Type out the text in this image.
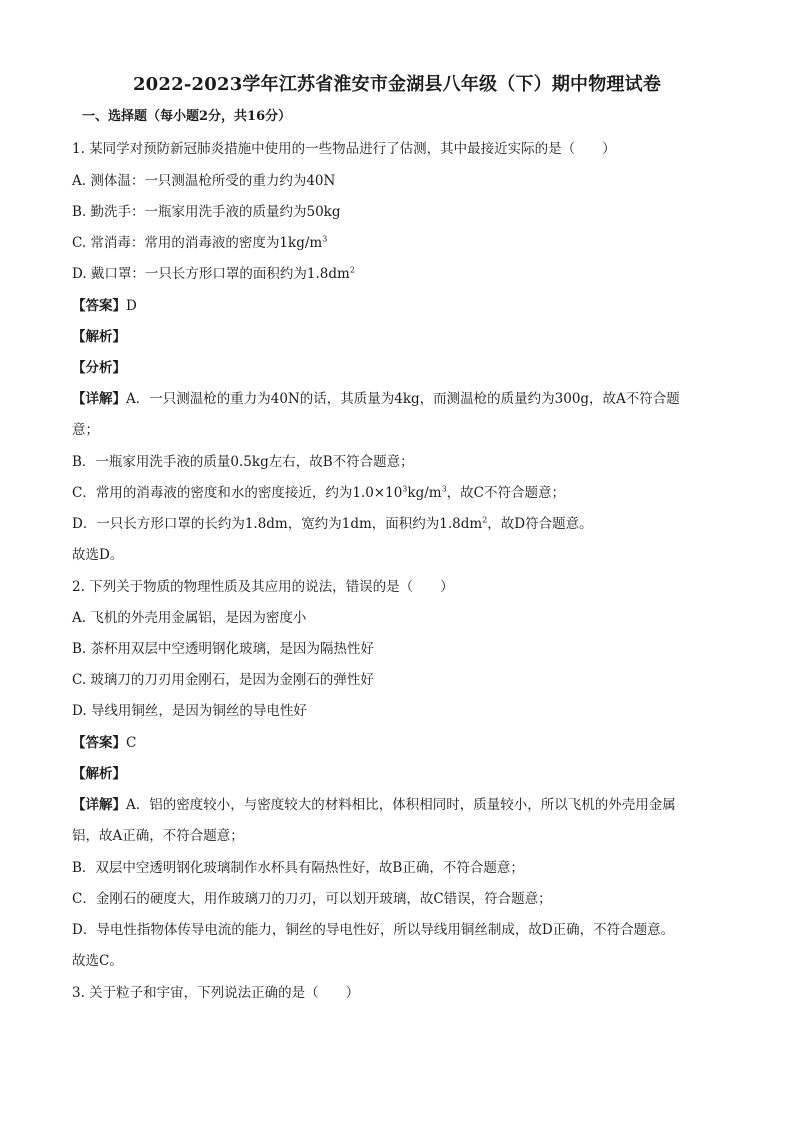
2022-2023学年江苏省淮安市金湖县八年级（下）期中物理试卷
一、选择题（每小题2分，共16分）
1. 某同学对预防新冠肺炎措施中使用的一些物品进行了估测，其中最接近实际的是（　　）
A. 测体温：一只测温枪所受的重力约为40N
B. 勤洗手：一瓶家用洗手液的质量约为50kg
C. 常消毒：常用的消毒液的密度为$1kg/m^3$
D. 戴口罩：一只长方形口罩的面积约为$1.8dm^2$
【答案】D
【解析】
【分析】
【详解】A．一只测温枪的重力为40N的话，其质量为4kg，而测温枪的质量约为300g，故A不符合题
意；
B．一瓶家用洗手液的质量0.5kg左右，故B不符合题意；
C．常用的消毒液的密度和水的密度接近，约为$1.0\times 10^3kg/m^3$，故C不符合题意；
D．一只长方形口罩的长约为1.8dm，宽约为1dm，面积约为$1.8dm^2$，故D符合题意。
故选D。
2. 下列关于物质的物理性质及其应用的说法，错误的是（　　）
A. 飞机的外壳用金属铝，是因为密度小
B. 茶杯用双层中空透明钢化玻璃，是因为隔热性好
C. 玻璃刀的刀刃用金刚石，是因为金刚石的弹性好
D. 导线用铜丝，是因为铜丝的导电性好
【答案】C
【解析】
【详解】A．铝的密度较小，与密度较大的材料相比，体积相同时，质量较小，所以飞机的外壳用金属
铝，故A正确，不符合题意；
B．双层中空透明钢化玻璃制作水杯具有隔热性好，故B正确，不符合题意；
C．金刚石的硬度大，用作玻璃刀的刀刃，可以划开玻璃，故C错误，符合题意；
D．导电性指物体传导电流的能力，铜丝的导电性好，所以导线用铜丝制成，故D正确，不符合题意。
故选C。
3. 关于粒子和宇宙，下列说法正确的是（　　）
